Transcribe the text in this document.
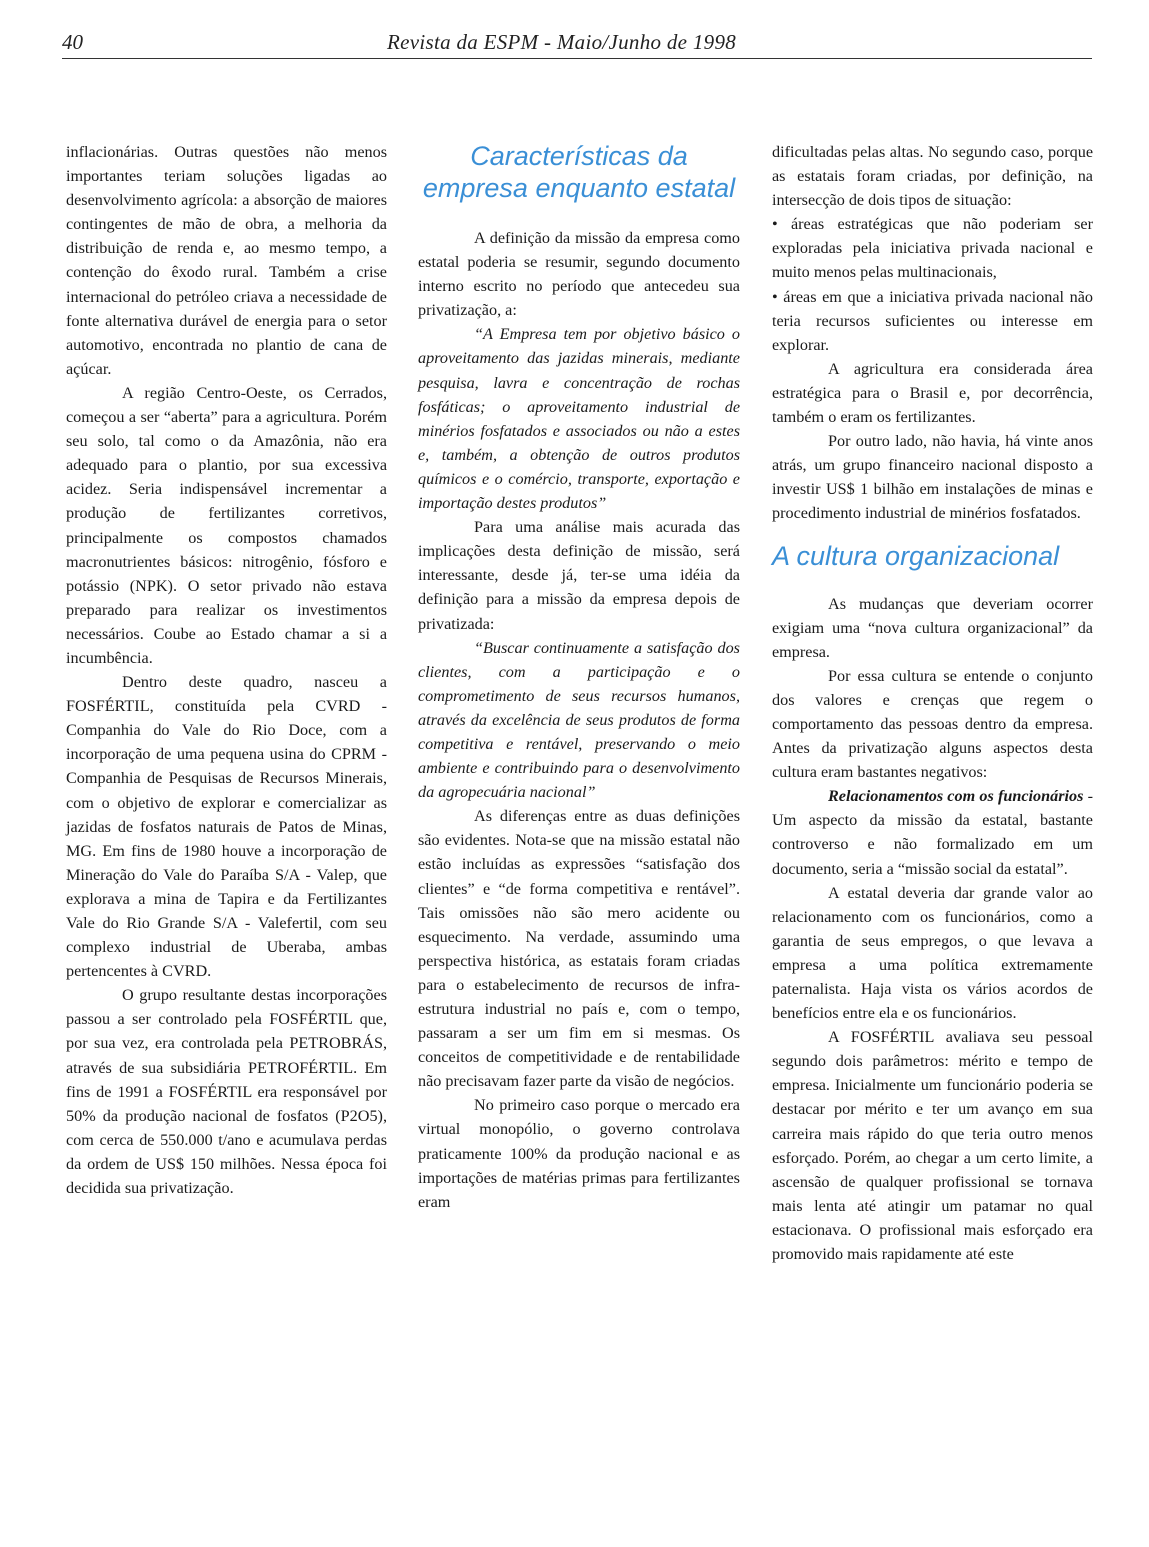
40	Revista da ESPM - Maio/Junho de 1998

inflacionárias. Outras questões não menos importantes teriam soluções ligadas ao desenvolvimento agrícola: a absorção de maiores contingentes de mão de obra, a melhoria da distribuição de renda e, ao mesmo tempo, a contenção do êxodo rural. Também a crise internacional do petróleo criava a necessidade de fonte alternativa durável de energia para o setor automotivo, encontrada no plantio de cana de açúcar.

A região Centro-Oeste, os Cerrados, começou a ser “aberta” para a agricultura. Porém seu solo, tal como o da Amazônia, não era adequado para o plantio, por sua excessiva acidez. Seria indispensável incrementar a produção de fertilizantes corretivos, principalmente os compostos chamados macronutrientes básicos: nitrogênio, fósforo e potássio (NPK). O setor privado não estava preparado para realizar os investimentos necessários. Coube ao Estado chamar a si a incumbência.

Dentro deste quadro, nasceu a FOSFÉRTIL, constituída pela CVRD - Companhia do Vale do Rio Doce, com a incorporação de uma pequena usina do CPRM - Companhia de Pesquisas de Recursos Minerais, com o objetivo de explorar e comercializar as jazidas de fosfatos naturais de Patos de Minas, MG. Em fins de 1980 houve a incorporação de Mineração do Vale do Paraíba S/A - Valep, que explorava a mina de Tapira e da Fertilizantes Vale do Rio Grande S/A - Valefertil, com seu complexo industrial de Uberaba, ambas pertencentes à CVRD.

O grupo resultante destas incorporações passou a ser controlado pela FOSFÉRTIL que, por sua vez, era controlada pela PETROBRÁS, através de sua subsidiária PETROFÉRTIL. Em fins de 1991 a FOSFÉRTIL era responsável por 50% da produção nacional de fosfatos (P2O5), com cerca de 550.000 t/ano e acumulava perdas da ordem de US$ 150 milhões. Nessa época foi decidida sua privatização.

Características da empresa enquanto estatal

A definição da missão da empresa como estatal poderia se resumir, segundo documento interno escrito no período que antecedeu sua privatização, a:

“A Empresa tem por objetivo básico o aproveitamento das jazidas minerais, mediante pesquisa, lavra e concentração de rochas fosfáticas; o aproveitamento industrial de minérios fosfatados e associados ou não a estes e, também, a obtenção de outros produtos químicos e o comércio, transporte, exportação e importação destes produtos”

Para uma análise mais acurada das implicações desta definição de missão, será interessante, desde já, ter-se uma idéia da definição para a missão da empresa depois de privatizada:

“Buscar continuamente a satisfação dos clientes, com a participação e o comprometimento de seus recursos humanos, através da excelência de seus produtos de forma competitiva e rentável, preservando o meio ambiente e contribuindo para o desenvolvimento da agropecuária nacional”

As diferenças entre as duas definições são evidentes. Nota-se que na missão estatal não estão incluídas as expressões “satisfação dos clientes” e “de forma competitiva e rentável”. Tais omissões não são mero acidente ou esquecimento. Na verdade, assumindo uma perspectiva histórica, as estatais foram criadas para o estabelecimento de recursos de infra-estrutura industrial no país e, com o tempo, passaram a ser um fim em si mesmas. Os conceitos de competitividade e de rentabilidade não precisavam fazer parte da visão de negócios.

No primeiro caso porque o mercado era virtual monopólio, o governo controlava praticamente 100% da produção nacional e as importações de matérias primas para fertilizantes eram

dificultadas pelas altas. No segundo caso, porque as estatais foram criadas, por definição, na intersecção de dois tipos de situação:

• áreas estratégicas que não poderiam ser exploradas pela iniciativa privada nacional e muito menos pelas multinacionais,

• áreas em que a iniciativa privada nacional não teria recursos suficientes ou interesse em explorar.

A agricultura era considerada área estratégica para o Brasil e, por decorrência, também o eram os fertilizantes.

Por outro lado, não havia, há vinte anos atrás, um grupo financeiro nacional disposto a investir US$ 1 bilhão em instalações de minas e procedimento industrial de minérios fosfatados.

A cultura organizacional

As mudanças que deveriam ocorrer exigiam uma “nova cultura organizacional” da empresa.

Por essa cultura se entende o conjunto dos valores e crenças que regem o comportamento das pessoas dentro da empresa. Antes da privatização alguns aspectos desta cultura eram bastantes negativos:

Relacionamentos com os funcionários - Um aspecto da missão da estatal, bastante controverso e não formalizado em um documento, seria a “missão social da estatal”.

A estatal deveria dar grande valor ao relacionamento com os funcionários, como a garantia de seus empregos, o que levava a empresa a uma política extremamente paternalista. Haja vista os vários acordos de benefícios entre ela e os funcionários.

A FOSFÉRTIL avaliava seu pessoal segundo dois parâmetros: mérito e tempo de empresa. Inicialmente um funcionário poderia se destacar por mérito e ter um avanço em sua carreira mais rápido do que teria outro menos esforçado. Porém, ao chegar a um certo limite, a ascensão de qualquer profissional se tornava mais lenta até atingir um patamar no qual estacionava. O profissional mais esforçado era promovido mais rapidamente até este
